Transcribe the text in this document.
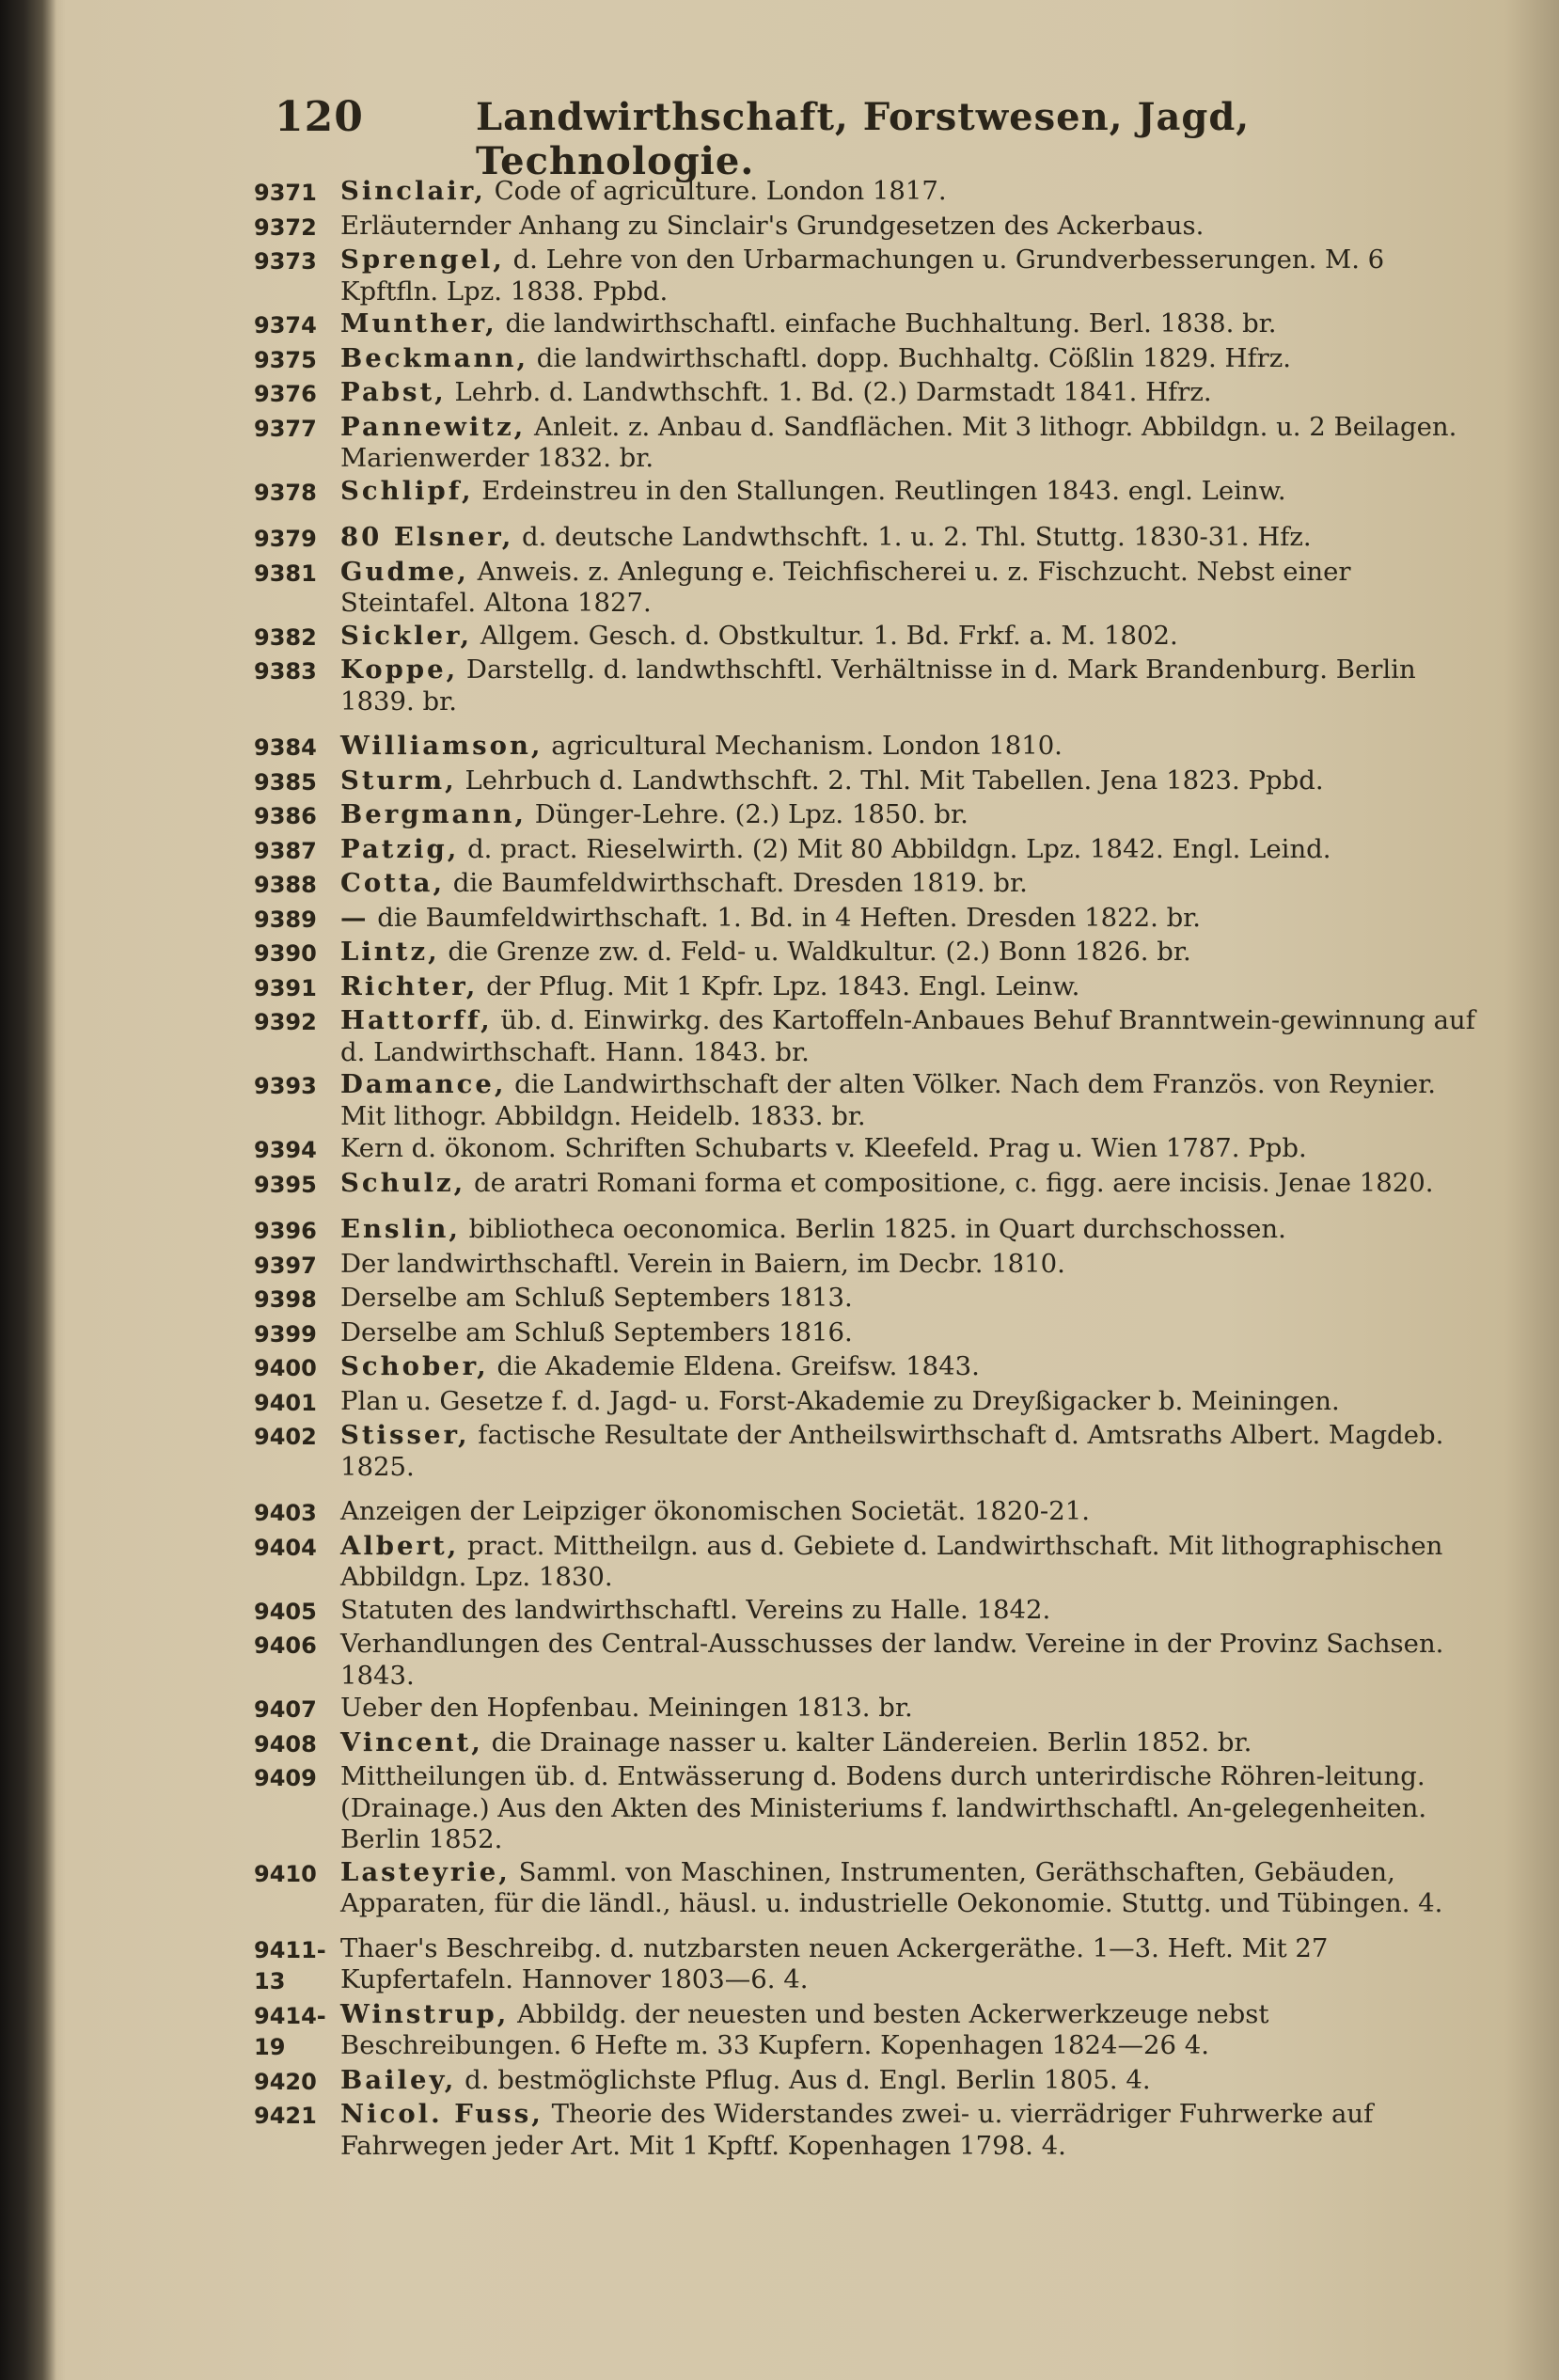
120	Landwirthschaft, Forstwesen, Jagd, Technologie.
9371 Sinclair, Code of agriculture. London 1817.
9372 Erläuternder Anhang zu Sinclair's Grundgesetzen des Ackerbaus.
9373 Sprengel, d. Lehre von den Urbarmachungen u. Grundverbesserungen. M. 6 Kpftfln. Lpz. 1838. Ppbd.
9374 Munther, die landwirthschaftl. einfache Buchhaltung. Berl. 1838. br.
9375 Beckmann, die landwirthschaftl. dopp. Buchhaltg. Cößlin 1829. Hfrz.
9376 Pabst, Lehrb. d. Landwthschft. 1. Bd. (2.) Darmstadt 1841. Hfrz.
9377 Pannewitz, Anleit. z. Anbau d. Sandflächen. Mit 3 lithogr. Abbildgn. u. 2 Beilagen. Marienwerder 1832. br.
9378 Schlipf, Erdeinstreu in den Stallungen. Reutlingen 1843. engl. Leinw.
9379 80 Elsner, d. deutsche Landwthschft. 1. u. 2. Thl. Stuttg. 1830-31. Hfz.
9381 Gudme, Anweis. z. Anlegung e. Teichfischerei u. z. Fischzucht. Nebst einer Steintafel. Altona 1827.
9382 Sickler, Allgem. Gesch. d. Obstkultur. 1. Bd. Frkf. a. M. 1802.
9383 Koppe, Darstellg. d. landwthschftl. Verhältnisse in d. Mark Brandenburg. Berlin 1839. br.
9384 Williamson, agricultural Mechanism. London 1810.
9385 Sturm, Lehrbuch d. Landwthschft. 2. Thl. Mit Tabellen. Jena 1823. Ppbd.
9386 Bergmann, Dünger-Lehre. (2.) Lpz. 1850. br.
9387 Patzig, d. pract. Rieselwirth. (2) Mit 80 Abbildgn. Lpz. 1842. Engl. Leind.
9388 Cotta, die Baumfeldwirthschaft. Dresden 1819. br.
9389 — die Baumfeldwirthschaft. 1. Bd. in 4 Heften. Dresden 1822. br.
9390 Lintz, die Grenze zw. d. Feld- u. Waldkultur. (2.) Bonn 1826. br.
9391 Richter, der Pflug. Mit 1 Kpfr. Lpz. 1843. Engl. Leinw.
9392 Hattorff, üb. d. Einwirkg. des Kartoffeln-Anbaues Behuf Branntwein-gewinnung auf d. Landwirthschaft. Hann. 1843. br.
9393 Damance, die Landwirthschaft der alten Völker. Nach dem Französ. von Reynier. Mit lithogr. Abbildgn. Heidelb. 1833. br.
9394 Kern d. ökonom. Schriften Schubarts v. Kleefeld. Prag u. Wien 1787. Ppb.
9395 Schulz, de aratri Romani forma et compositione, c. figg. aere incisis. Jenae 1820.
9396 Enslin, bibliotheca oeconomica. Berlin 1825. in Quart durchschossen.
9397 Der landwirthschaftl. Verein in Baiern, im Decbr. 1810.
9398 Derselbe am Schluß Septembers 1813.
9399 Derselbe am Schluß Septembers 1816.
9400 Schober, die Akademie Eldena. Greifsw. 1843.
9401 Plan u. Gesetze f. d. Jagd- u. Forst-Akademie zu Dreyßigacker b. Meiningen.
9402 Stisser, factische Resultate der Antheilswirthschaft d. Amtsraths Albert. Magdeb. 1825.
9403 Anzeigen der Leipziger ökonomischen Societät. 1820-21.
9404 Albert, pract. Mittheilgn. aus d. Gebiete d. Landwirthschaft. Mit lithographischen Abbildgn. Lpz. 1830.
9405 Statuten des landwirthschaftl. Vereins zu Halle. 1842.
9406 Verhandlungen des Central-Ausschusses der landw. Vereine in der Provinz Sachsen. 1843.
9407 Ueber den Hopfenbau. Meiningen 1813. br.
9408 Vincent, die Drainage nasser u. kalter Ländereien. Berlin 1852. br.
9409 Mittheilungen üb. d. Entwässerung d. Bodens durch unterirdische Röhren-leitung. (Drainage.) Aus den Akten des Ministeriums f. landwirthschaftl. An-gelegenheiten. Berlin 1852.
9410 Lasteyrie, Samml. von Maschinen, Instrumenten, Geräthschaften, Gebäuden, Apparaten, für die ländl., häusl. u. industrielle Oekonomie. Stuttg. und Tübingen. 4.
9411-13
Thaer's Beschreibg. d. nutzbarsten neuen Ackergeräthe. 1—3. Heft. Mit 27 Kupfertafeln. Hannover 1803—6. 4.
9414-19
Winstrup, Abbildg. der neuesten und besten Ackerwerkzeuge nebst Beschreibungen. 6 Hefte m. 33 Kupfern. Kopenhagen 1824—26 4.
9420 Bailey, d. bestmöglichste Pflug. Aus d. Engl. Berlin 1805. 4.
9421 Nicol. Fuss, Theorie des Widerstandes zwei- u. vierrädriger Fuhrwerke auf Fahrwegen jeder Art. Mit 1 Kpftf. Kopenhagen 1798. 4.
